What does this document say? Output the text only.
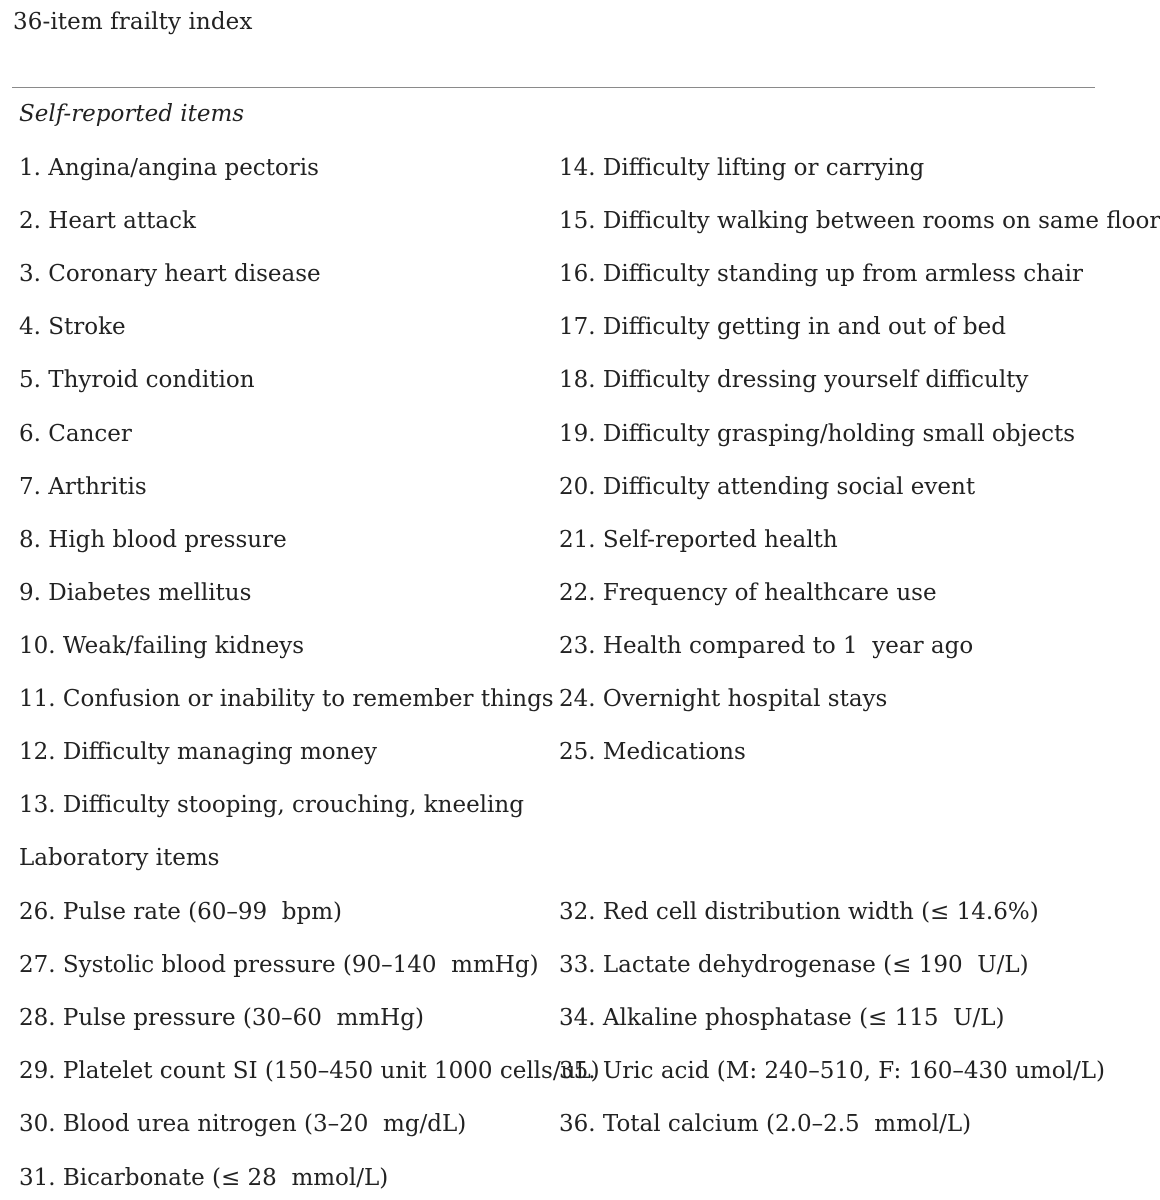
36-item frailty index
Self-reported items
1. Angina/angina pectoris
2. Heart attack
3. Coronary heart disease
4. Stroke
5. Thyroid condition
6. Cancer
7. Arthritis
8. High blood pressure
9. Diabetes mellitus
10. Weak/failing kidneys
11. Confusion or inability to remember things
12. Difficulty managing money
13. Difficulty stooping, crouching, kneeling
14. Difficulty lifting or carrying
15. Difficulty walking between rooms on same floor
16. Difficulty standing up from armless chair
17. Difficulty getting in and out of bed
18. Difficulty dressing yourself difficulty
19. Difficulty grasping/holding small objects
20. Difficulty attending social event
21. Self-reported health
22. Frequency of healthcare use
23. Health compared to 1  year ago
24. Overnight hospital stays
25. Medications
Laboratory items
26. Pulse rate (60–99  bpm)
27. Systolic blood pressure (90–140  mmHg)
28. Pulse pressure (30–60  mmHg)
29. Platelet count SI (150–450 unit 1000 cells/uL)
30. Blood urea nitrogen (3–20  mg/dL)
31. Bicarbonate (≤ 28  mmol/L)
32. Red cell distribution width (≤ 14.6%)
33. Lactate dehydrogenase (≤ 190  U/L)
34. Alkaline phosphatase (≤ 115  U/L)
35. Uric acid (M: 240–510, F: 160–430 umol/L)
36. Total calcium (2.0–2.5  mmol/L)
